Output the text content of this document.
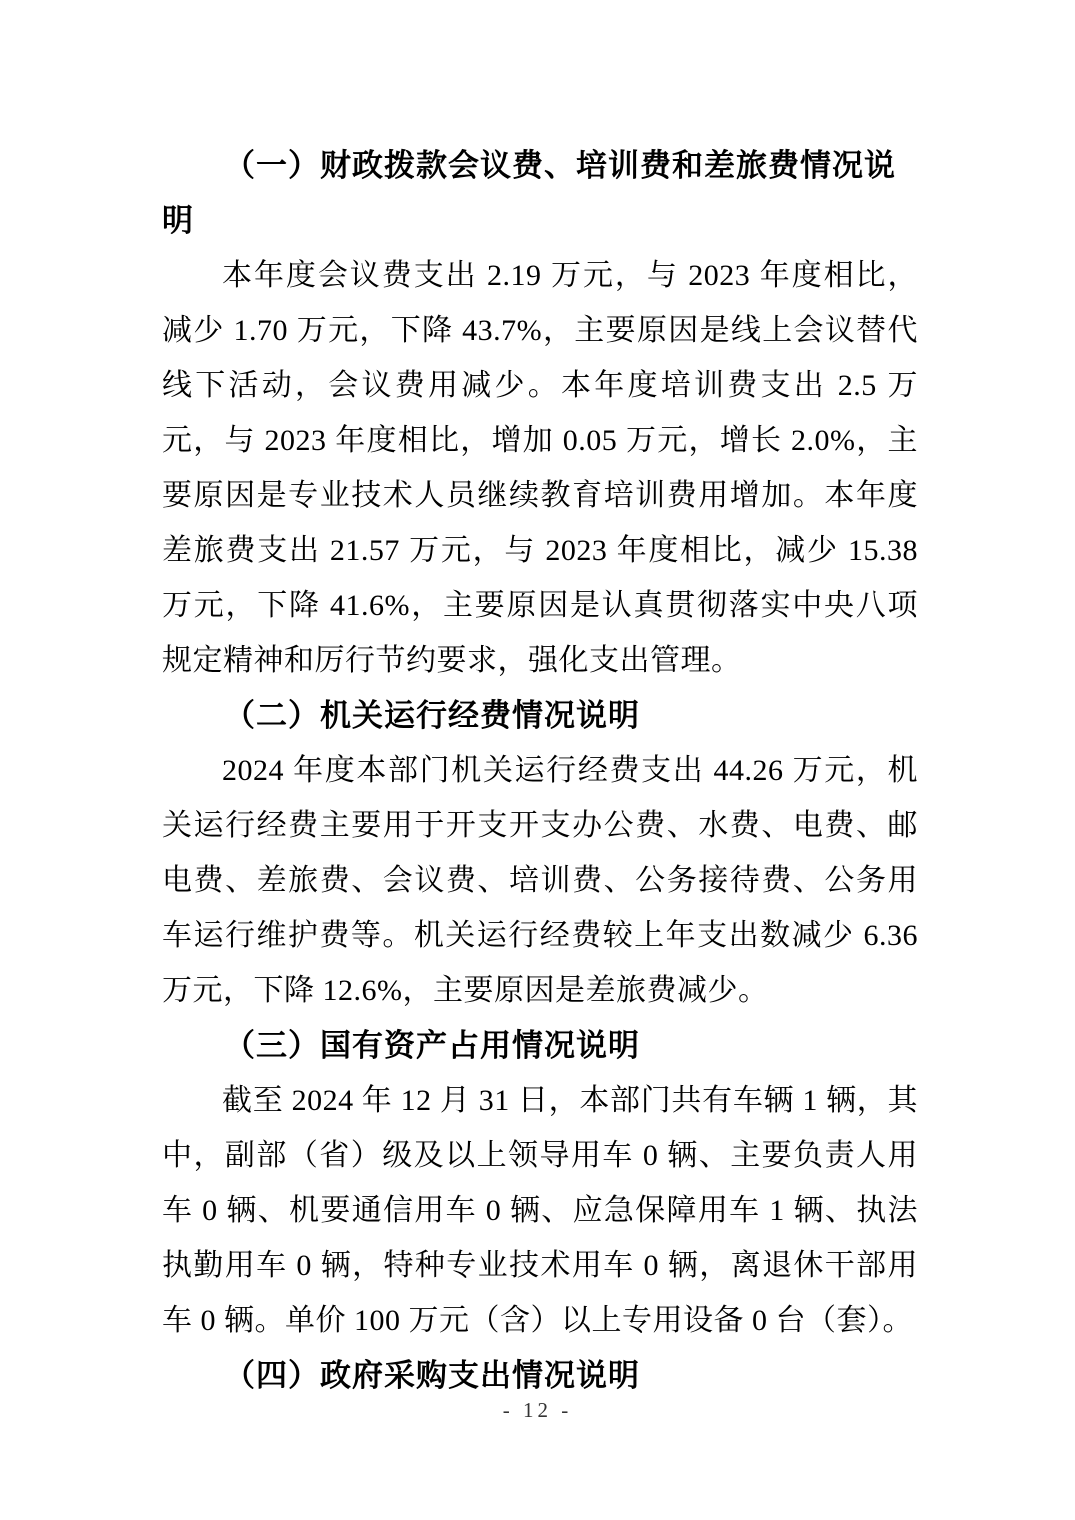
（一）财政拨款会议费、培训费和差旅费情况说明

本年度会议费支出 2.19 万元，与 2023 年度相比，减少 1.70 万元，下降 43.7%，主要原因是线上会议替代线下活动，会议费用减少。本年度培训费支出 2.5 万元，与 2023 年度相比，增加 0.05 万元，增长 2.0%，主要原因是专业技术人员继续教育培训费用增加。本年度差旅费支出 21.57 万元，与 2023 年度相比，减少 15.38 万元，下降 41.6%，主要原因是认真贯彻落实中央八项规定精神和厉行节约要求，强化支出管理。

（二）机关运行经费情况说明

2024 年度本部门机关运行经费支出 44.26 万元，机关运行经费主要用于开支开支办公费、水费、电费、邮电费、差旅费、会议费、培训费、公务接待费、公务用车运行维护费等。机关运行经费较上年支出数减少 6.36 万元，下降 12.6%，主要原因是差旅费减少。

（三）国有资产占用情况说明

截至 2024 年 12 月 31 日，本部门共有车辆 1 辆，其中，副部（省）级及以上领导用车 0 辆、主要负责人用车 0 辆、机要通信用车 0 辆、应急保障用车 1 辆、执法执勤用车 0 辆，特种专业技术用车 0 辆，离退休干部用车 0 辆。单价 100 万元（含）以上专用设备 0 台（套）。

（四）政府采购支出情况说明
- 12 -
